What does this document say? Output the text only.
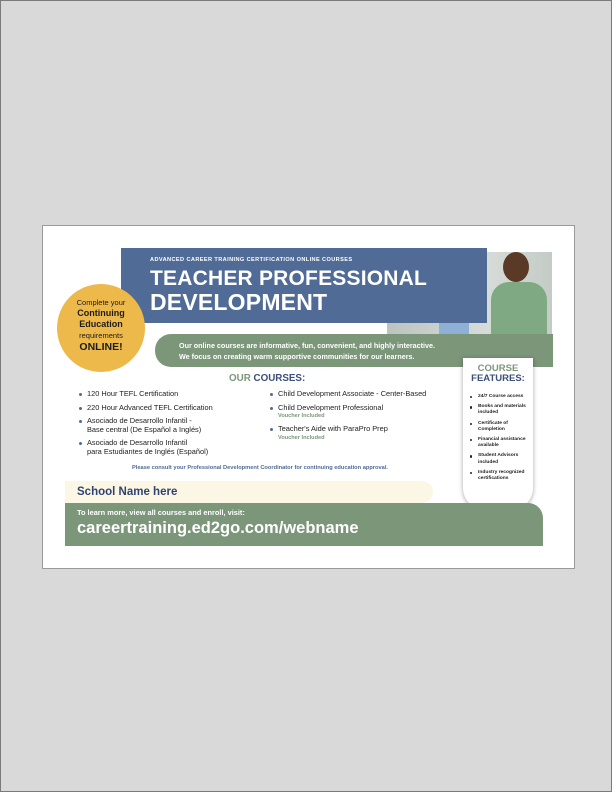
ADVANCED CAREER TRAINING CERTIFICATION ONLINE COURSES
TEACHER PROFESSIONAL
DEVELOPMENT
Complete your
Continuing
Education
requirements
ONLINE!	Our online courses are informative, fun, convenient, and highly interactive.
We focus on creating warm supportive communities for our learners.
OUR COURSES:
120 Hour TEFL Certification
220 Hour Advanced TEFL Certification
Asociado de Desarrollo Infantil -
Base central (De Español a Inglés)
Asociado de Desarrollo Infantil
para Estudiantes de Inglés (Español)
Child Development Associate - Center-Based
Child Development Professional
Voucher Included
Teacher's Aide with ParaPro Prep
Voucher Included
COURSE
FEATURES:
24/7 Course access
Books and materials included
Certificate of Completion
Financial assistance available
Student Advisors included
Industry recognized certifications
Please consult your Professional Development Coordinator for continuing education approval.
School Name here
To learn more, view all courses and enroll, visit:
careertraining.ed2go.com/webname
